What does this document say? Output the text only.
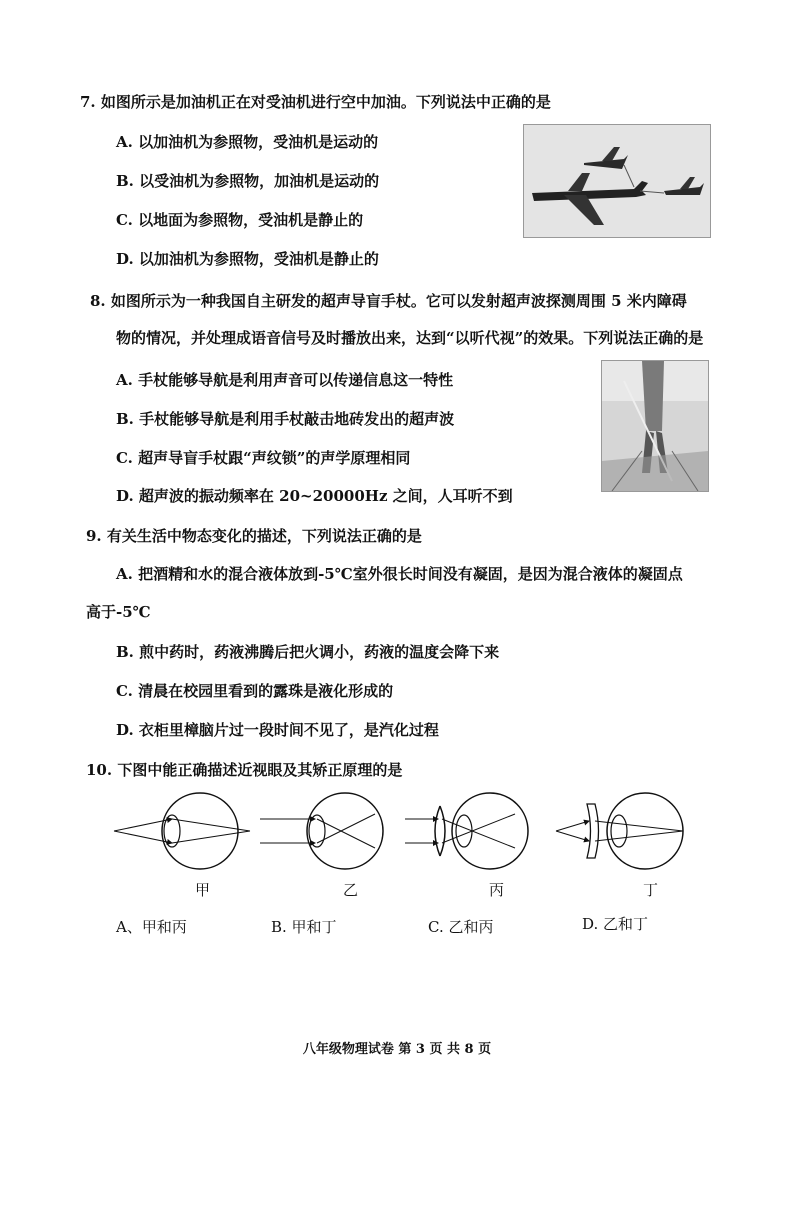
7. 如图所示是加油机正在对受油机进行空中加油。下列说法中正确的是
A. 以加油机为参照物，受油机是运动的
B. 以受油机为参照物，加油机是运动的
C. 以地面为参照物，受油机是静止的
D. 以加油机为参照物，受油机是静止的
8. 如图所示为一种我国自主研发的超声导盲手杖。它可以发射超声波探测周围 5 米内障碍
物的情况，并处理成语音信号及时播放出来，达到“以听代视”的效果。下列说法正确的是
A. 手杖能够导航是利用声音可以传递信息这一特性
B. 手杖能够导航是利用手杖敲击地砖发出的超声波
C. 超声导盲手杖跟“声纹锁”的声学原理相同
D. 超声波的振动频率在 20~20000Hz 之间，人耳听不到
9. 有关生活中物态变化的描述，下列说法正确的是
A. 把酒精和水的混合液体放到-5℃室外很长时间没有凝固，是因为混合液体的凝固点
高于-5℃
B. 煎中药时，药液沸腾后把火调小，药液的温度会降下来
C. 清晨在校园里看到的露珠是液化形成的
D. 衣柜里樟脑片过一段时间不见了，是汽化过程
10. 下图中能正确描述近视眼及其矫正原理的是
甲	乙	丙	丁
A、甲和丙	B. 甲和丁	C. 乙和丙	D. 乙和丁
八年级物理试卷 第 3 页 共 8 页
